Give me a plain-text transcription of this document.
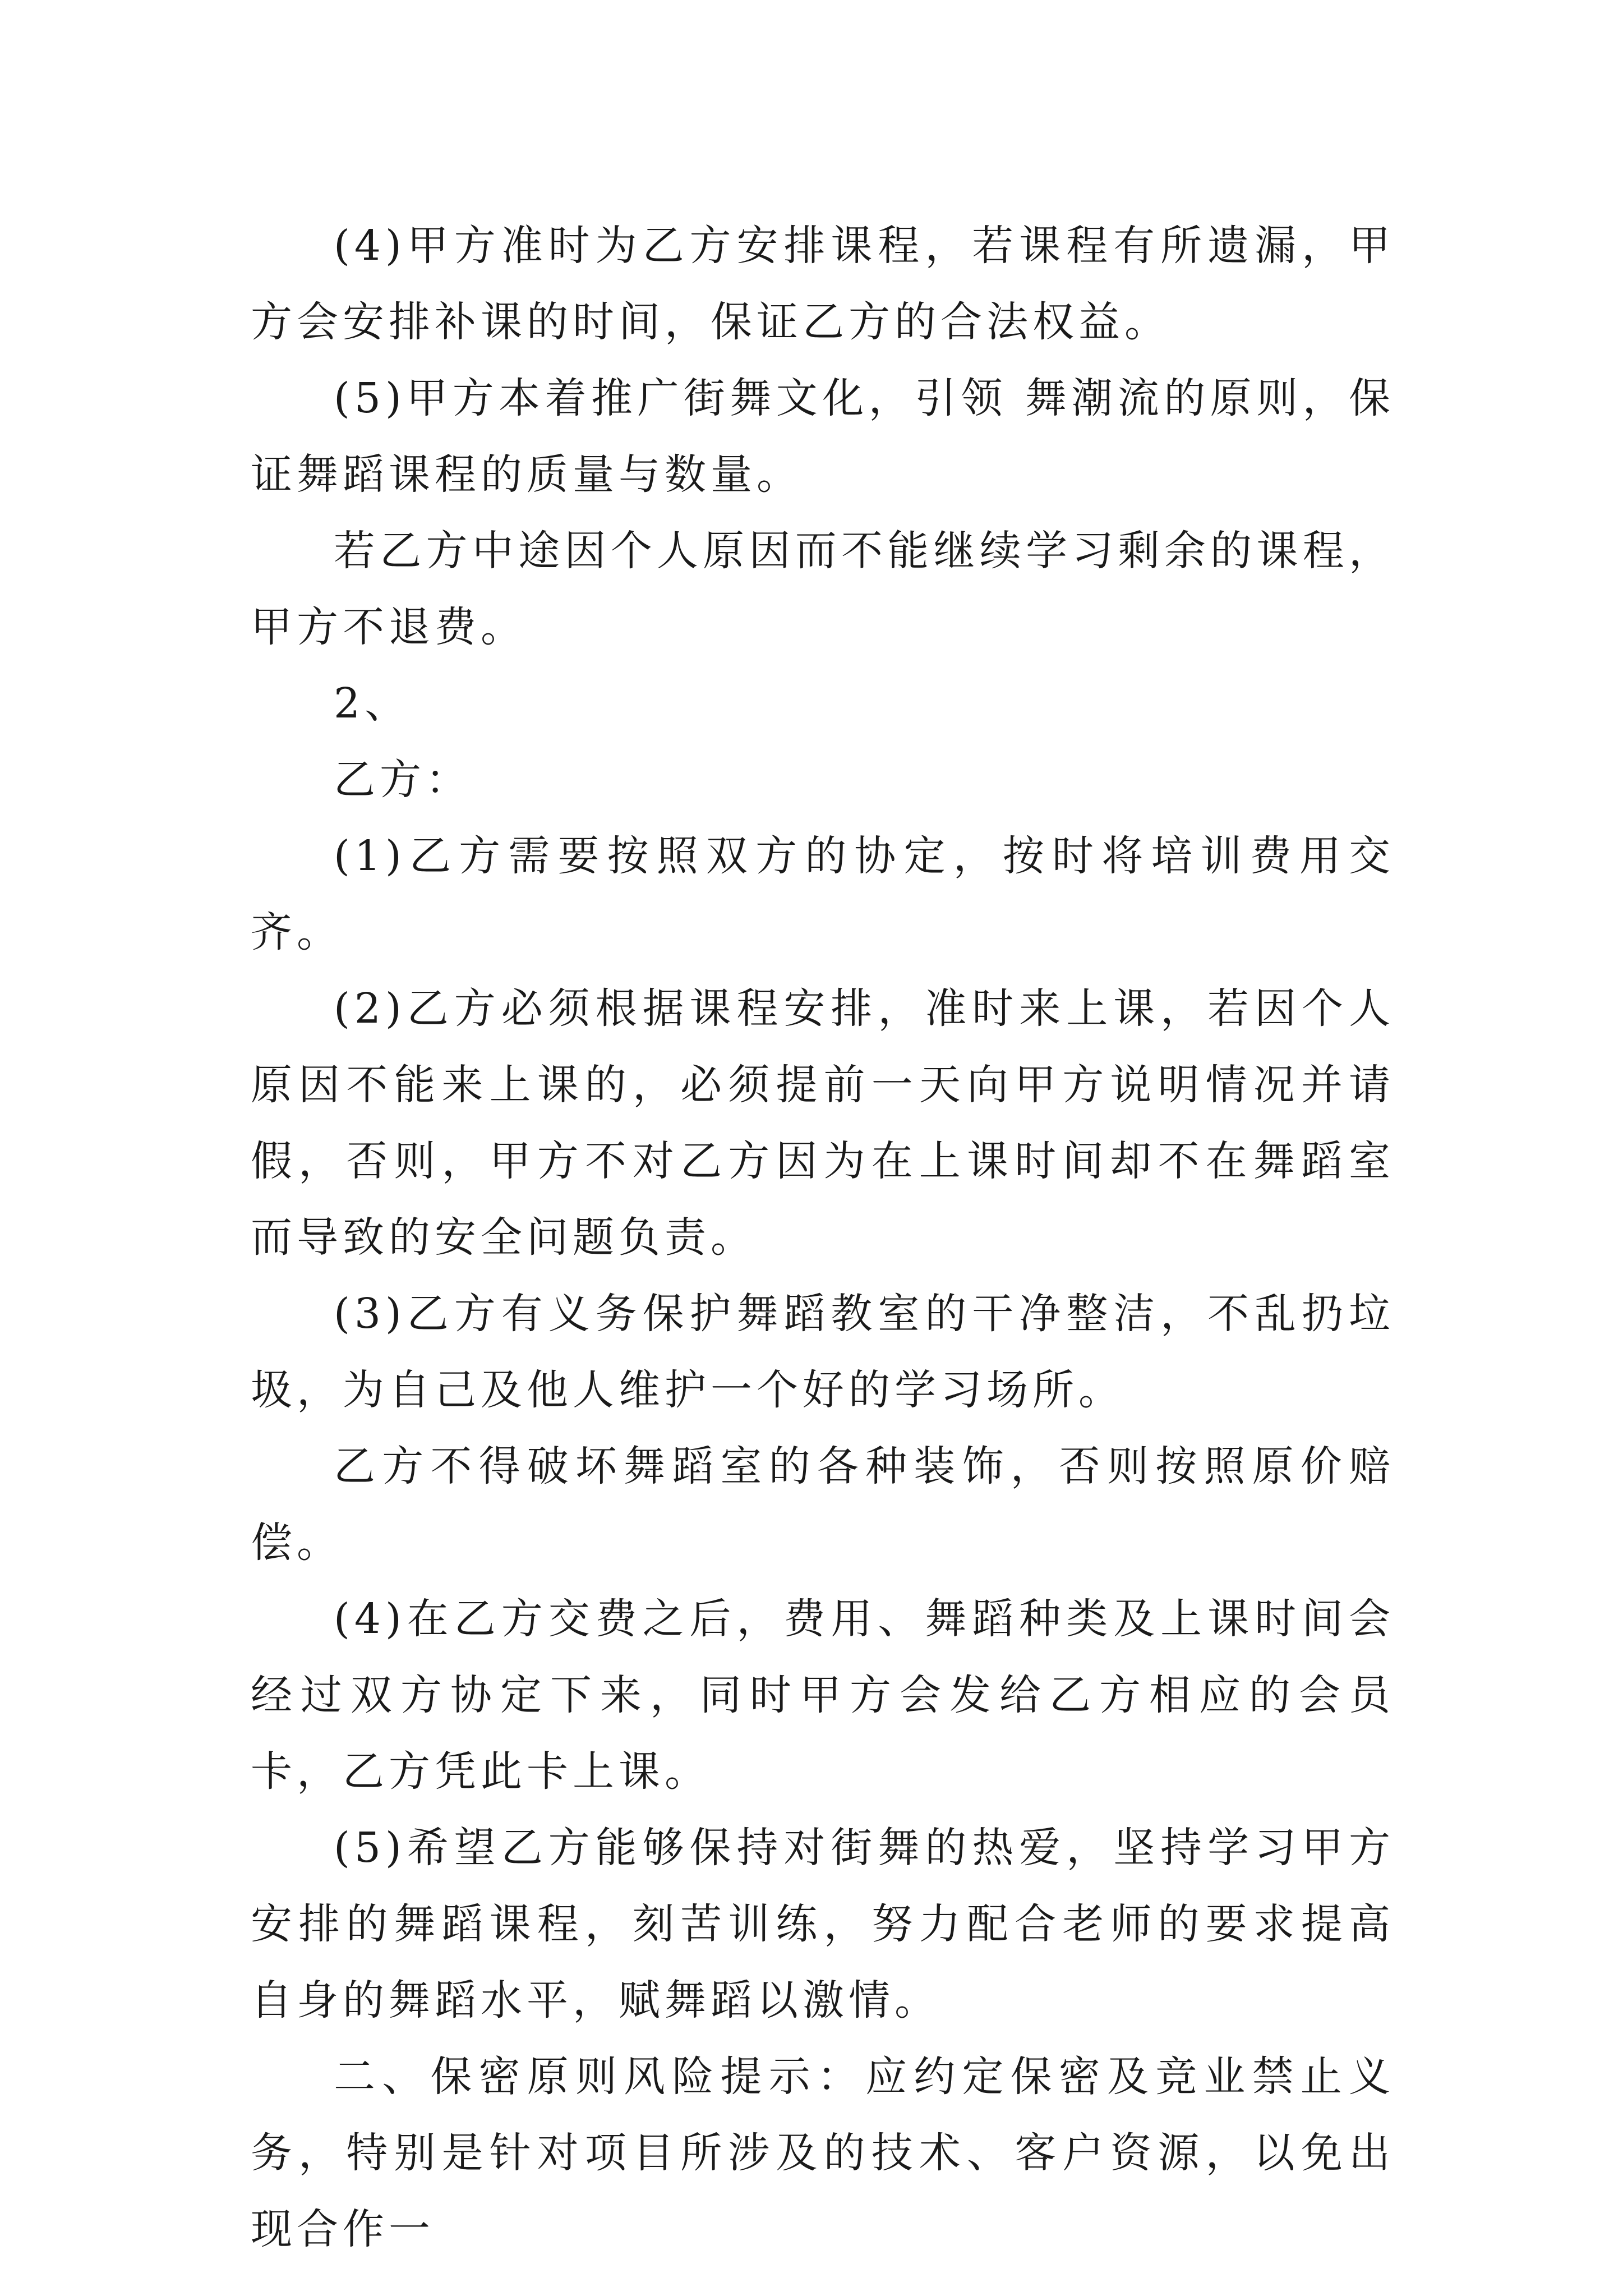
(4)甲方准时为乙方安排课程，若课程有所遗漏，甲方会安排补课的时间，保证乙方的合法权益。

(5)甲方本着推广街舞文化，引领 舞潮流的原则，保证舞蹈课程的质量与数量。

若乙方中途因个人原因而不能继续学习剩余的课程，甲方不退费。

2、

乙方：

(1)乙方需要按照双方的协定，按时将培训费用交齐。

(2)乙方必须根据课程安排，准时来上课，若因个人原因不能来上课的，必须提前一天向甲方说明情况并请假，否则，甲方不对乙方因为在上课时间却不在舞蹈室而导致的安全问题负责。

(3)乙方有义务保护舞蹈教室的干净整洁，不乱扔垃圾，为自己及他人维护一个好的学习场所。

乙方不得破坏舞蹈室的各种装饰，否则按照原价赔偿。

(4)在乙方交费之后，费用、舞蹈种类及上课时间会经过双方协定下来，同时甲方会发给乙方相应的会员卡，乙方凭此卡上课。

(5)希望乙方能够保持对街舞的热爱，坚持学习甲方安排的舞蹈课程，刻苦训练，努力配合老师的要求提高自身的舞蹈水平，赋舞蹈以激情。

二、保密原则风险提示：应约定保密及竞业禁止义务，特别是针对项目所涉及的技术、客户资源，以免出现合作一
